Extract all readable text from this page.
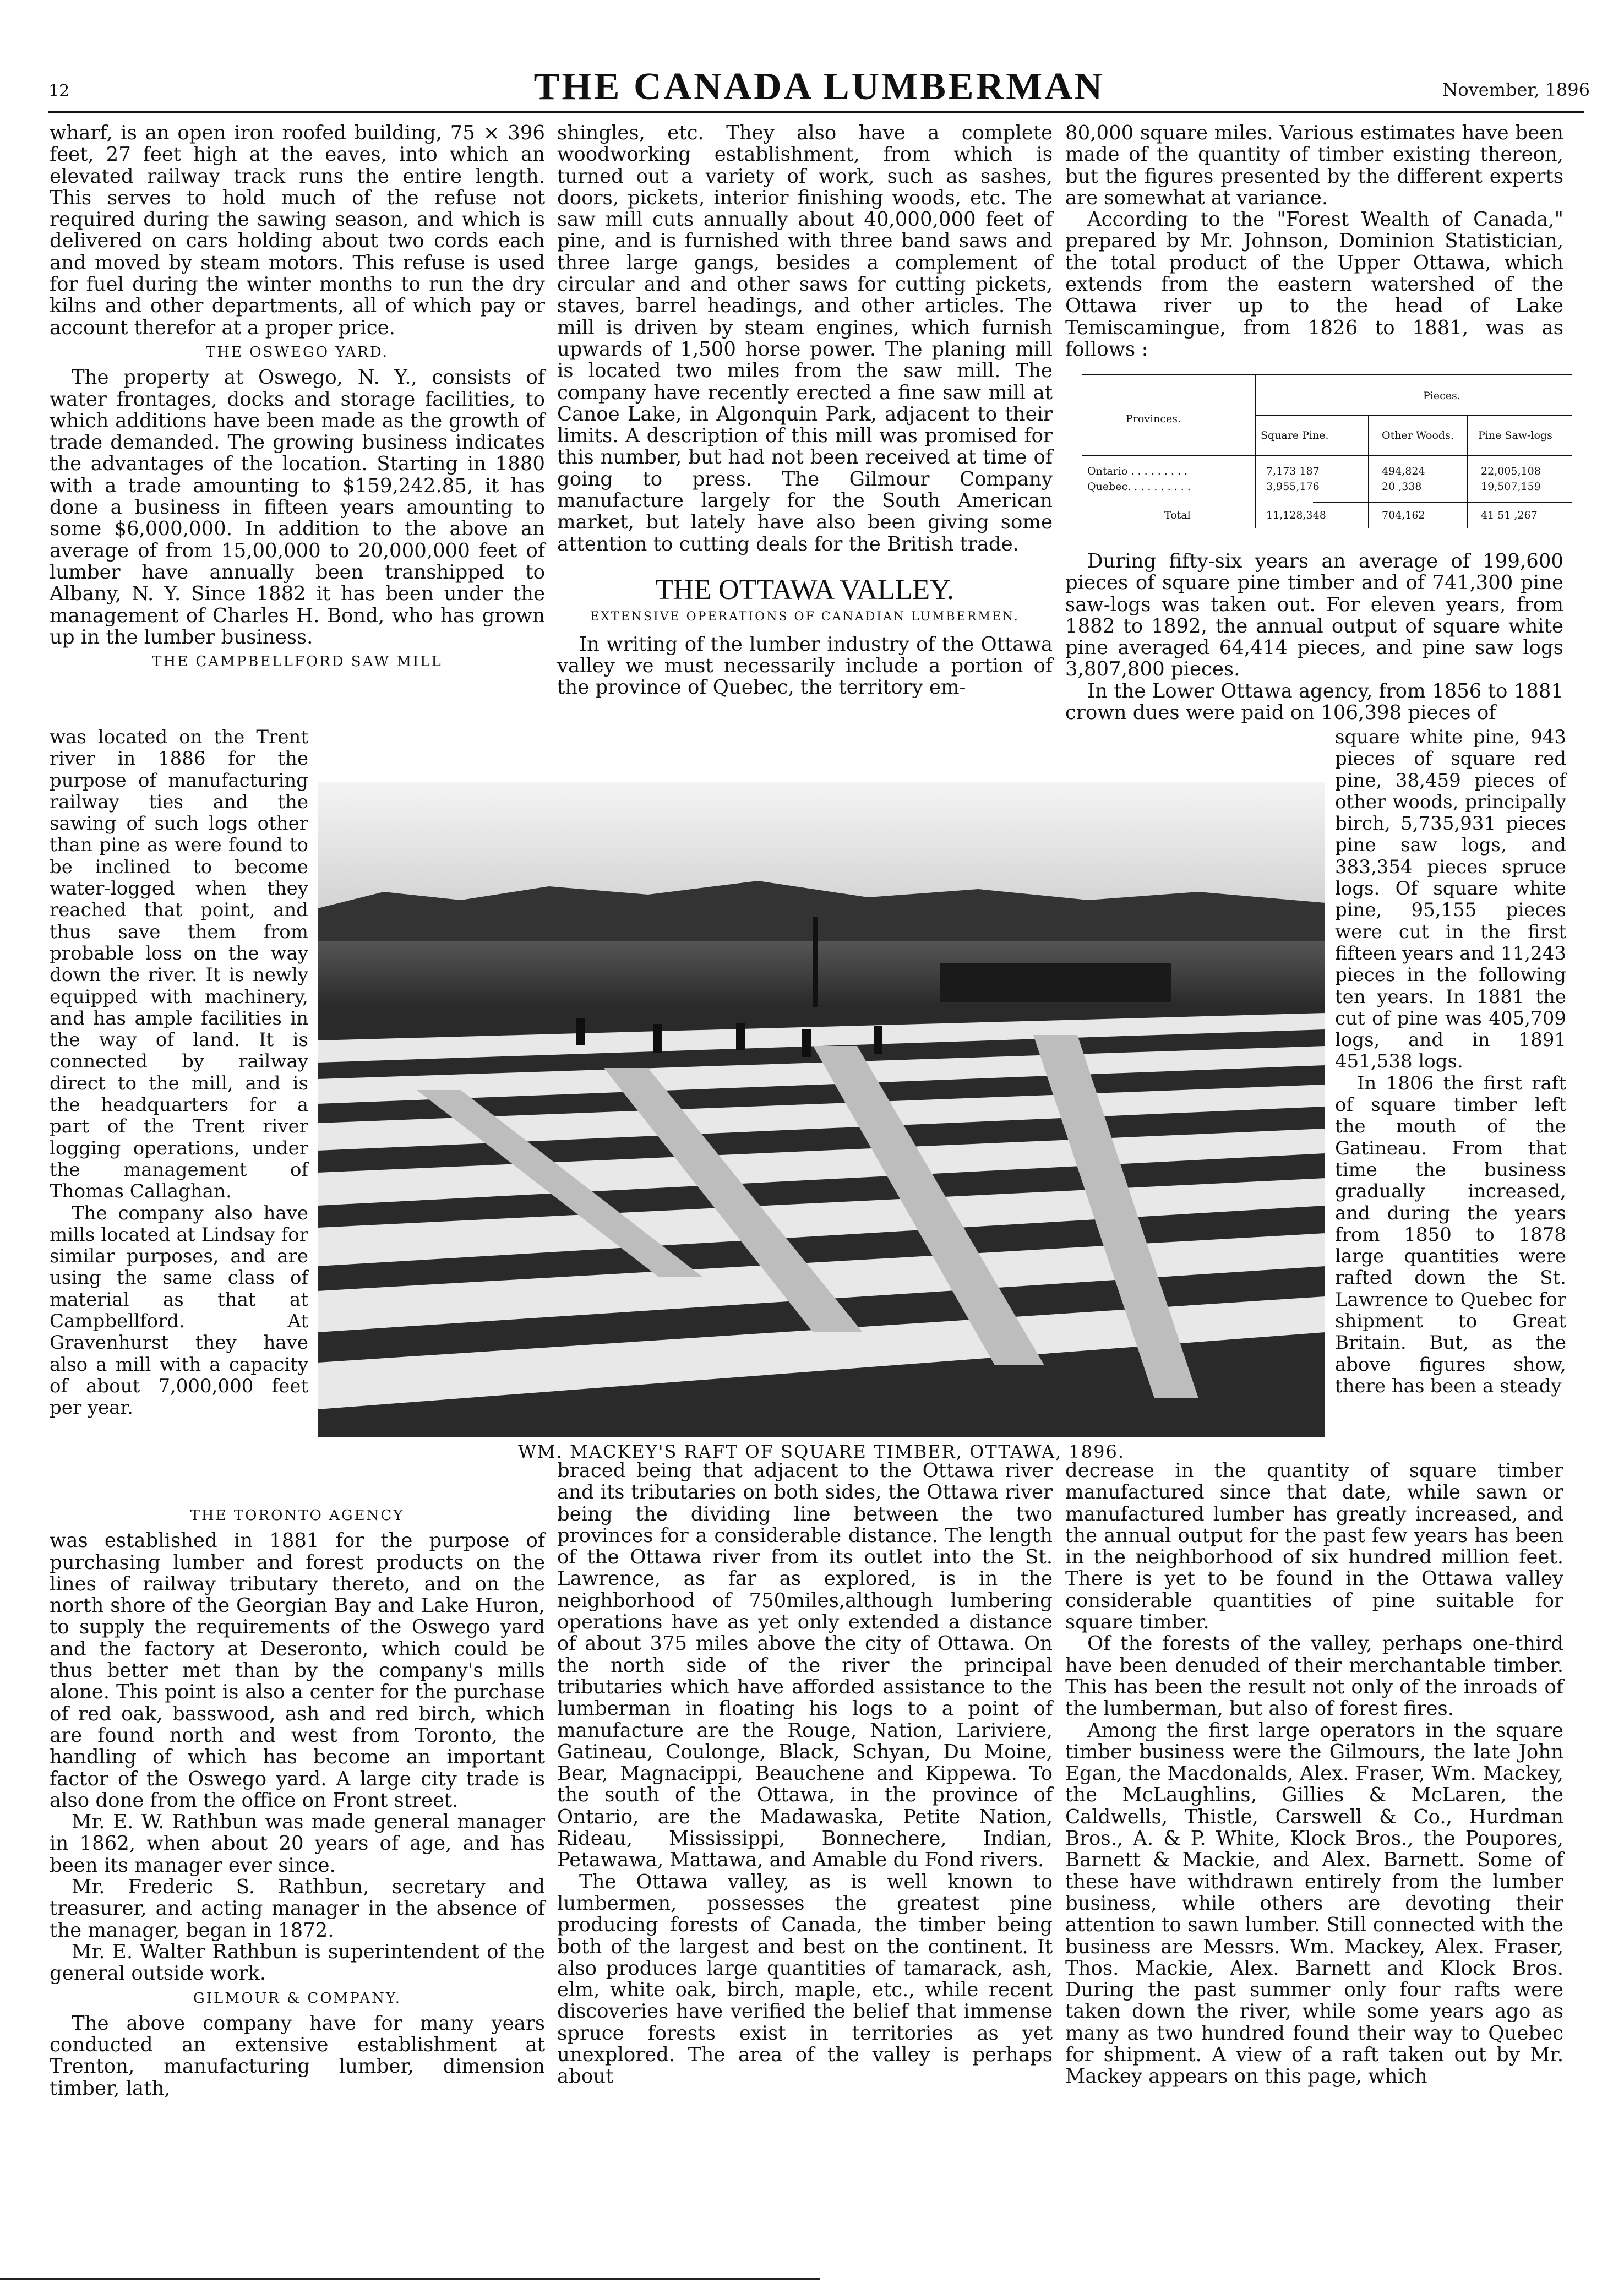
12	THE CANADA LUMBERMAN	November, 1896

wharf, is an open iron roofed building, 75 × 396 feet, 27 feet high at the eaves, into which an elevated railway track runs the entire length. This serves to hold much of the refuse not required during the sawing season, and which is delivered on cars holding about two cords each and moved by steam motors. This refuse is used for fuel during the winter months to run the dry kilns and other departments, all of which pay or account therefor at a proper price.

THE OSWEGO YARD.

The property at Oswego, N. Y., consists of water frontages, docks and storage facilities, to which additions have been made as the growth of trade demanded. The growing business indicates the advantages of the location. Starting in 1880 with a trade amounting to $159,242.85, it has done a business in fifteen years amounting to some $6,000,000. In addition to the above an average of from 15,00,000 to 20,000,000 feet of lumber have annually been transhipped to Albany, N. Y. Since 1882 it has been under the management of Charles H. Bond, who has grown up in the lumber business.

THE CAMPBELLFORD SAW MILL

was located on the Trent river in 1886 for the purpose of manufacturing railway ties and the sawing of such logs other than pine as were found to be inclined to become water-logged when they reached that point, and thus save them from probable loss on the way down the river. It is newly equipped with machinery, and has ample facilities in the way of land. It is connected by railway direct to the mill, and is the headquarters for a part of the Trent river logging operations, under the management of Thomas Callaghan.

The company also have mills located at Lindsay for similar purposes, and are using the same class of material as that at Campbellford. At Gravenhurst they have also a mill with a capacity of about 7,000,000 feet per year.

THE TORONTO AGENCY

was established in 1881 for the purpose of purchasing lumber and forest products on the lines of railway tributary thereto, and on the north shore of the Georgian Bay and Lake Huron, to supply the requirements of the Oswego yard and the factory at Deseronto, which could be thus better met than by the company's mills alone. This point is also a center for the purchase of red oak, basswood, ash and red birch, which are found north and west from Toronto, the handling of which has become an important factor of the Oswego yard. A large city trade is also done from the office on Front street.

Mr. E. W. Rathbun was made general manager in 1862, when about 20 years of age, and has been its manager ever since.

Mr. Frederic S. Rathbun, secretary and treasurer, and acting manager in the absence of the manager, began in 1872.

Mr. E. Walter Rathbun is superintendent of the general outside work.

GILMOUR & COMPANY.

The above company have for many years conducted an extensive establishment at Trenton, manufacturing lumber, dimension timber, lath,

shingles, etc. They also have a complete woodworking establishment, from which is turned out a variety of work, such as sashes, doors, pickets, interior finishing woods, etc. The saw mill cuts annually about 40,000,000 feet of pine, and is furnished with three band saws and three large gangs, besides a complement of circular and and other saws for cutting pickets, staves, barrel headings, and other articles. The mill is driven by steam engines, which furnish upwards of 1,500 horse power. The planing mill is located two miles from the saw mill. The company have recently erected a fine saw mill at Canoe Lake, in Algonquin Park, adjacent to their limits. A description of this mill was promised for this number, but had not been received at time of going to press. The Gilmour Company manufacture largely for the South American market, but lately have also been giving some attention to cutting deals for the British trade.

THE OTTAWA VALLEY.
EXTENSIVE OPERATIONS OF CANADIAN LUMBERMEN.

In writing of the lumber industry of the Ottawa valley we must necessarily include a portion of the province of Quebec, the territory em-

braced being that adjacent to the Ottawa river and its tributaries on both sides, the Ottawa river being the dividing line between the two provinces for a considerable distance. The length of the Ottawa river from its outlet into the St. Lawrence, as far as explored, is in the neighborhood of 750miles,although lumbering operations have as yet only extended a distance of about 375 miles above the city of Ottawa. On the north side of the river the principal tributaries which have afforded assistance to the lumberman in floating his logs to a point of manufacture are the Rouge, Nation, Lariviere, Gatineau, Coulonge, Black, Schyan, Du Moine, Bear, Magnacippi, Beauchene and Kippewa. To the south of the Ottawa, in the province of Ontario, are the Madawaska, Petite Nation, Rideau, Mississippi, Bonnechere, Indian, Petawawa, Mattawa, and Amable du Fond rivers.

The Ottawa valley, as is well known to lumbermen, possesses the greatest pine producing forests of Canada, the timber being both of the largest and best on the continent. It also produces large quantities of tamarack, ash, elm, white oak, birch, maple, etc., while recent discoveries have verified the belief that immense spruce forests exist in territories as yet unexplored. The area of the valley is perhaps about

80,000 square miles. Various estimates have been made of the quantity of timber existing thereon, but the figures presented by the different experts are somewhat at variance.

According to the "Forest Wealth of Canada," prepared by Mr. Johnson, Dominion Statistician, the total product of the Upper Ottawa, which extends from the eastern watershed of the Ottawa river up to the head of Lake Temiscamingue, from 1826 to 1881, was as follows :

Pieces.
Provinces.
Square Pine.	Other Woods. Pine Saw-logs
Ontario . . . . . . . . .	7,173 187	494,824	22,005,108
Quebec. . . . . . . . . .	3,955,176	20 ,338	19,507,159
Total	11,128,348	704,162	41 51 ,267

During fifty-six years an average of 199,600 pieces of square pine timber and of 741,300 pine saw-logs was taken out. For eleven years, from 1882 to 1892, the annual output of square white pine averaged 64,414 pieces, and pine saw logs 3,807,800 pieces.

In the Lower Ottawa agency, from 1856 to 1881 crown dues were paid on 106,398 pieces of

square white pine, 943 pieces of square red pine, 38,459 pieces of other woods, principally birch, 5,735,931 pieces pine saw logs, and 383,354 pieces spruce logs. Of square white pine, 95,155 pieces were cut in the first fifteen years and 11,243 pieces in the following ten years. In 1881 the cut of pine was 405,709 logs, and in 1891 451,538 logs.

In 1806 the first raft of square timber left the mouth of the Gatineau. From that time the business gradually increased, and during the years from 1850 to 1878 large quantities were rafted down the St. Lawrence to Quebec for shipment to Great Britain. But, as the above figures show, there has been a steady

decrease in the quantity of square timber manufactured since that date, while sawn or manufactured lumber has greatly increased, and the annual output for the past few years has been in the neighborhood of six hundred million feet. There is yet to be found in the Ottawa valley considerable quantities of pine suitable for square timber.

Of the forests of the valley, perhaps one-third have been denuded of their merchantable timber. This has been the result not only of the inroads of the lumberman, but also of forest fires.

Among the first large operators in the square timber business were the Gilmours, the late John Egan, the Macdonalds, Alex. Fraser, Wm. Mackey, the McLaughlins, Gillies & McLaren, the Caldwells, Thistle, Carswell & Co., Hurdman Bros., A. & P. White, Klock Bros., the Poupores, Barnett & Mackie, and Alex. Barnett. Some of these have withdrawn entirely from the lumber business, while others are devoting their attention to sawn lumber. Still connected with the business are Messrs. Wm. Mackey, Alex. Fraser, Thos. Mackie, Alex. Barnett and Klock Bros. During the past summer only four rafts were taken down the river, while some years ago as many as two hundred found their way to Quebec for shipment. A view of a raft taken out by Mr. Mackey appears on this page, which

WM. MACKEY'S RAFT OF SQUARE TIMBER, OTTAWA, 1896.
